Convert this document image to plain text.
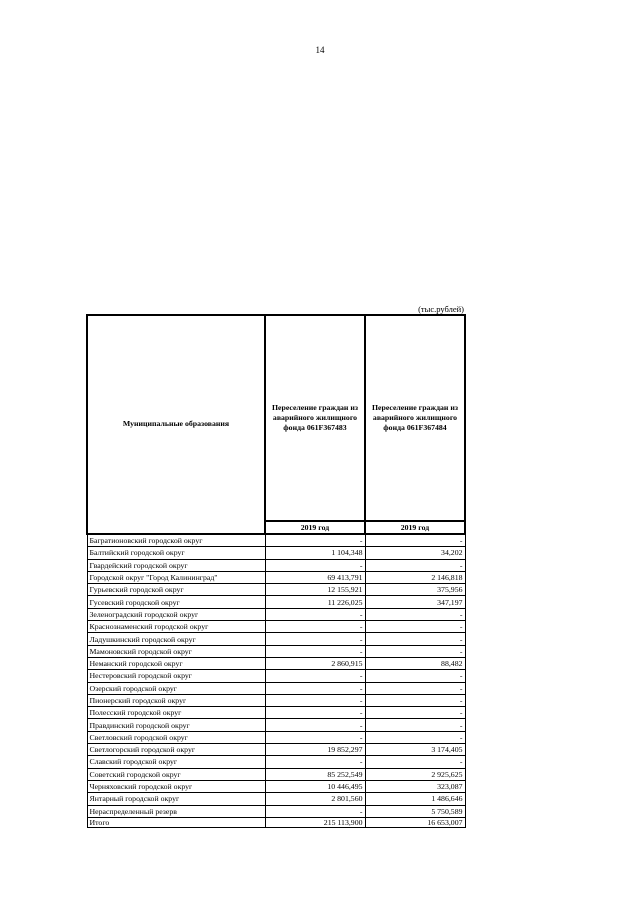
14
(тыс.рублей)
Муниципальные образования	Переселение граждан из аварийного жилищного фонда 061F367483	Переселение граждан из аварийного жилищного фонда 061F367484
	2019 год	2019 год
Багратионовский городской округ	-	-
Балтийский городской округ	1 104,348	34,202
Гвардейский городской округ	-	-
Городской округ "Город Калининград"	69 413,791	2 146,818
Гурьевский городской округ	12 155,921	375,956
Гусевский городской округ	11 226,025	347,197
Зеленоградский городской округ	-	-
Краснознаменский городской округ	-	-
Ладушкинский городской округ	-	-
Мамоновский городской округ	-	-
Неманский городской округ	2 860,915	88,482
Нестеровский городской округ	-	-
Озерский городской округ	-	-
Пионерский городской округ	-	-
Полесский городской округ	-	-
Правдинский городской округ	-	-
Светловский городской округ	-	-
Светлогорский городской округ	19 852,297	3 174,405
Славский городской округ	-	-
Советский городской округ	85 252,549	2 925,625
Черняховский городской округ	10 446,495	323,087
Янтарный городской округ	2 801,560	1 486,646
Нераспределенный резерв	-	5 750,589
Итого	215 113,900	16 653,007
